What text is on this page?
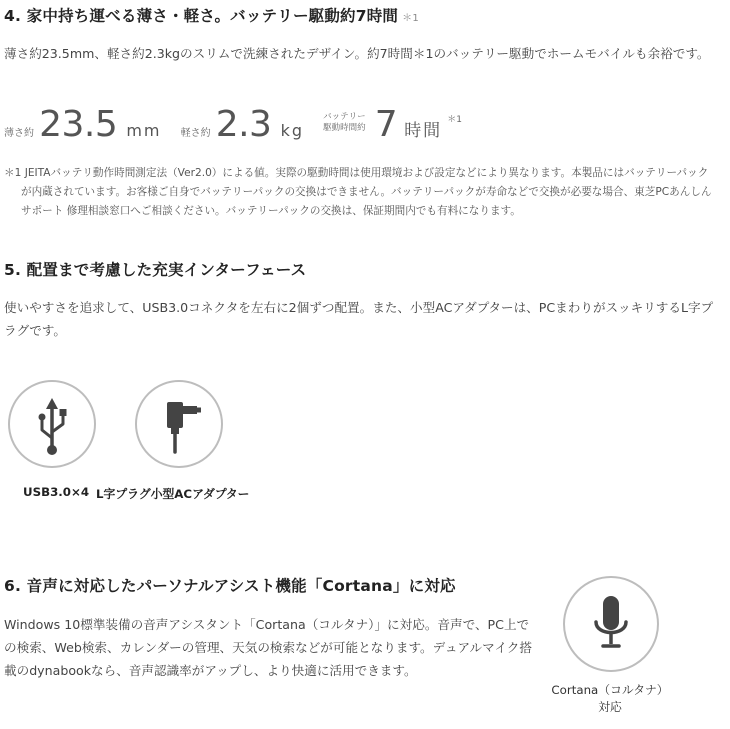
4. 家中持ち運べる薄さ・軽さ。バッテリー駆動約7時間 ＊1
薄さ約23.5mm、軽さ約2.3kgのスリムで洗練されたデザイン。約7時間＊1のバッテリー駆動でホームモバイルも余裕です。
薄さ約 23.5 mm 軽さ約 2.3 kg
バッテリー
駆動時間約 7 時間 ＊1
＊1 JEITAバッテリ動作時間測定法（Ver2.0）による値。実際の駆動時間は使用環境および設定などにより異なります。本製品にはバッテリーパックが内蔵されています。お客様ご自身でバッテリーパックの交換はできません。バッテリーパックが寿命などで交換が必要な場合、東芝PCあんしんサポート 修理相談窓口へご相談ください。バッテリーパックの交換は、保証期間内でも有料になります。
5. 配置まで考慮した充実インターフェース
使いやすさを追求して、USB3.0コネクタを左右に2個ずつ配置。また、小型ACアダプターは、PCまわりがスッキリするL字プラグです。
USB3.0×4 L字プラグ小型ACアダプター
6. 音声に対応したパーソナルアシスト機能「Cortana」に対応
Windows 10標準装備の音声アシスタント「Cortana（コルタナ）」に対応。音声で、PC上での検索、Web検索、カレンダーの管理、天気の検索などが可能となります。デュアルマイク搭載のdynabookなら、音声認識率がアップし、より快適に活用できます。
Cortana（コルタナ）
対応
